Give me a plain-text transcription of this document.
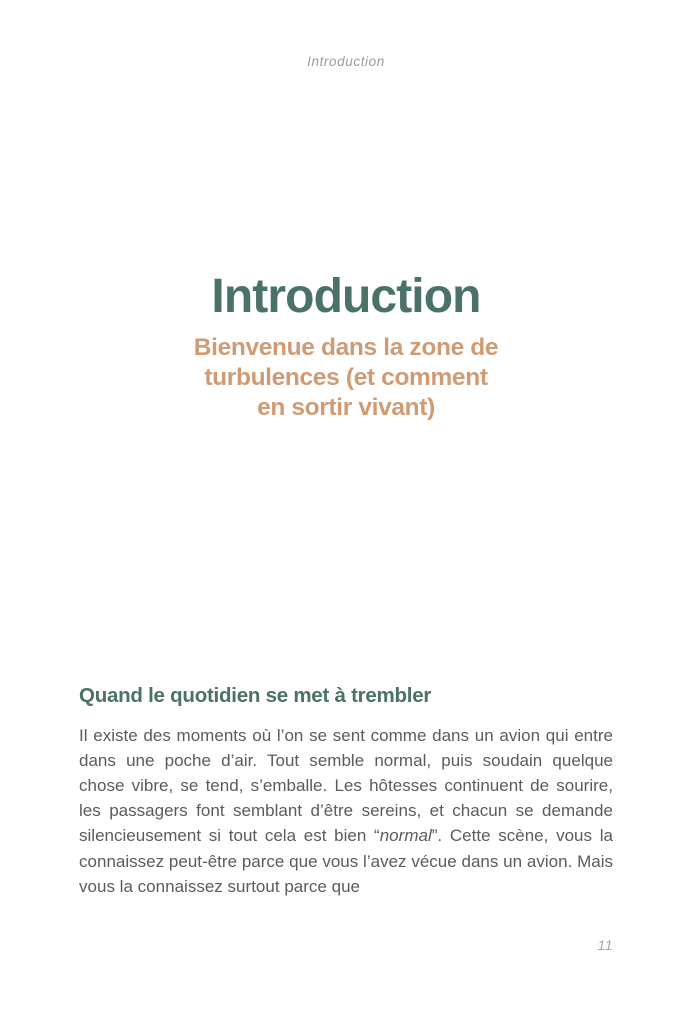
Introduction
Introduction
Bienvenue dans la zone de
turbulences (et comment
en sortir vivant)
Quand le quotidien se met à trembler

Il existe des moments où l’on se sent comme dans un avion qui entre dans une poche d’air. Tout semble normal, puis soudain quelque chose vibre, se tend, s’emballe. Les hôtesses continuent de sourire, les passagers font semblant d’être sereins, et chacun se demande silencieusement si tout cela est bien “normal”. Cette scène, vous la connaissez peut-être parce que vous l’avez vécue dans un avion. Mais vous la connaissez surtout parce que

11
